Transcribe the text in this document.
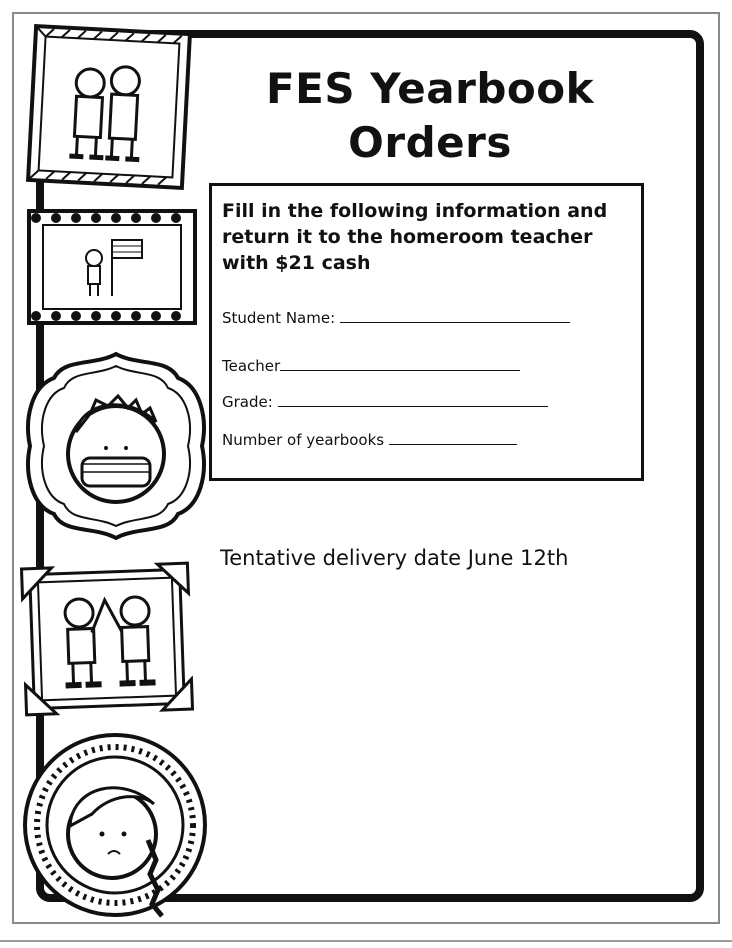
FES Yearbook
Orders
Fill in the following information and return it to the homeroom teacher with $21 cash
Student Name:
Teacher
Grade:
Number of yearbooks
Tentative delivery date June 12th
